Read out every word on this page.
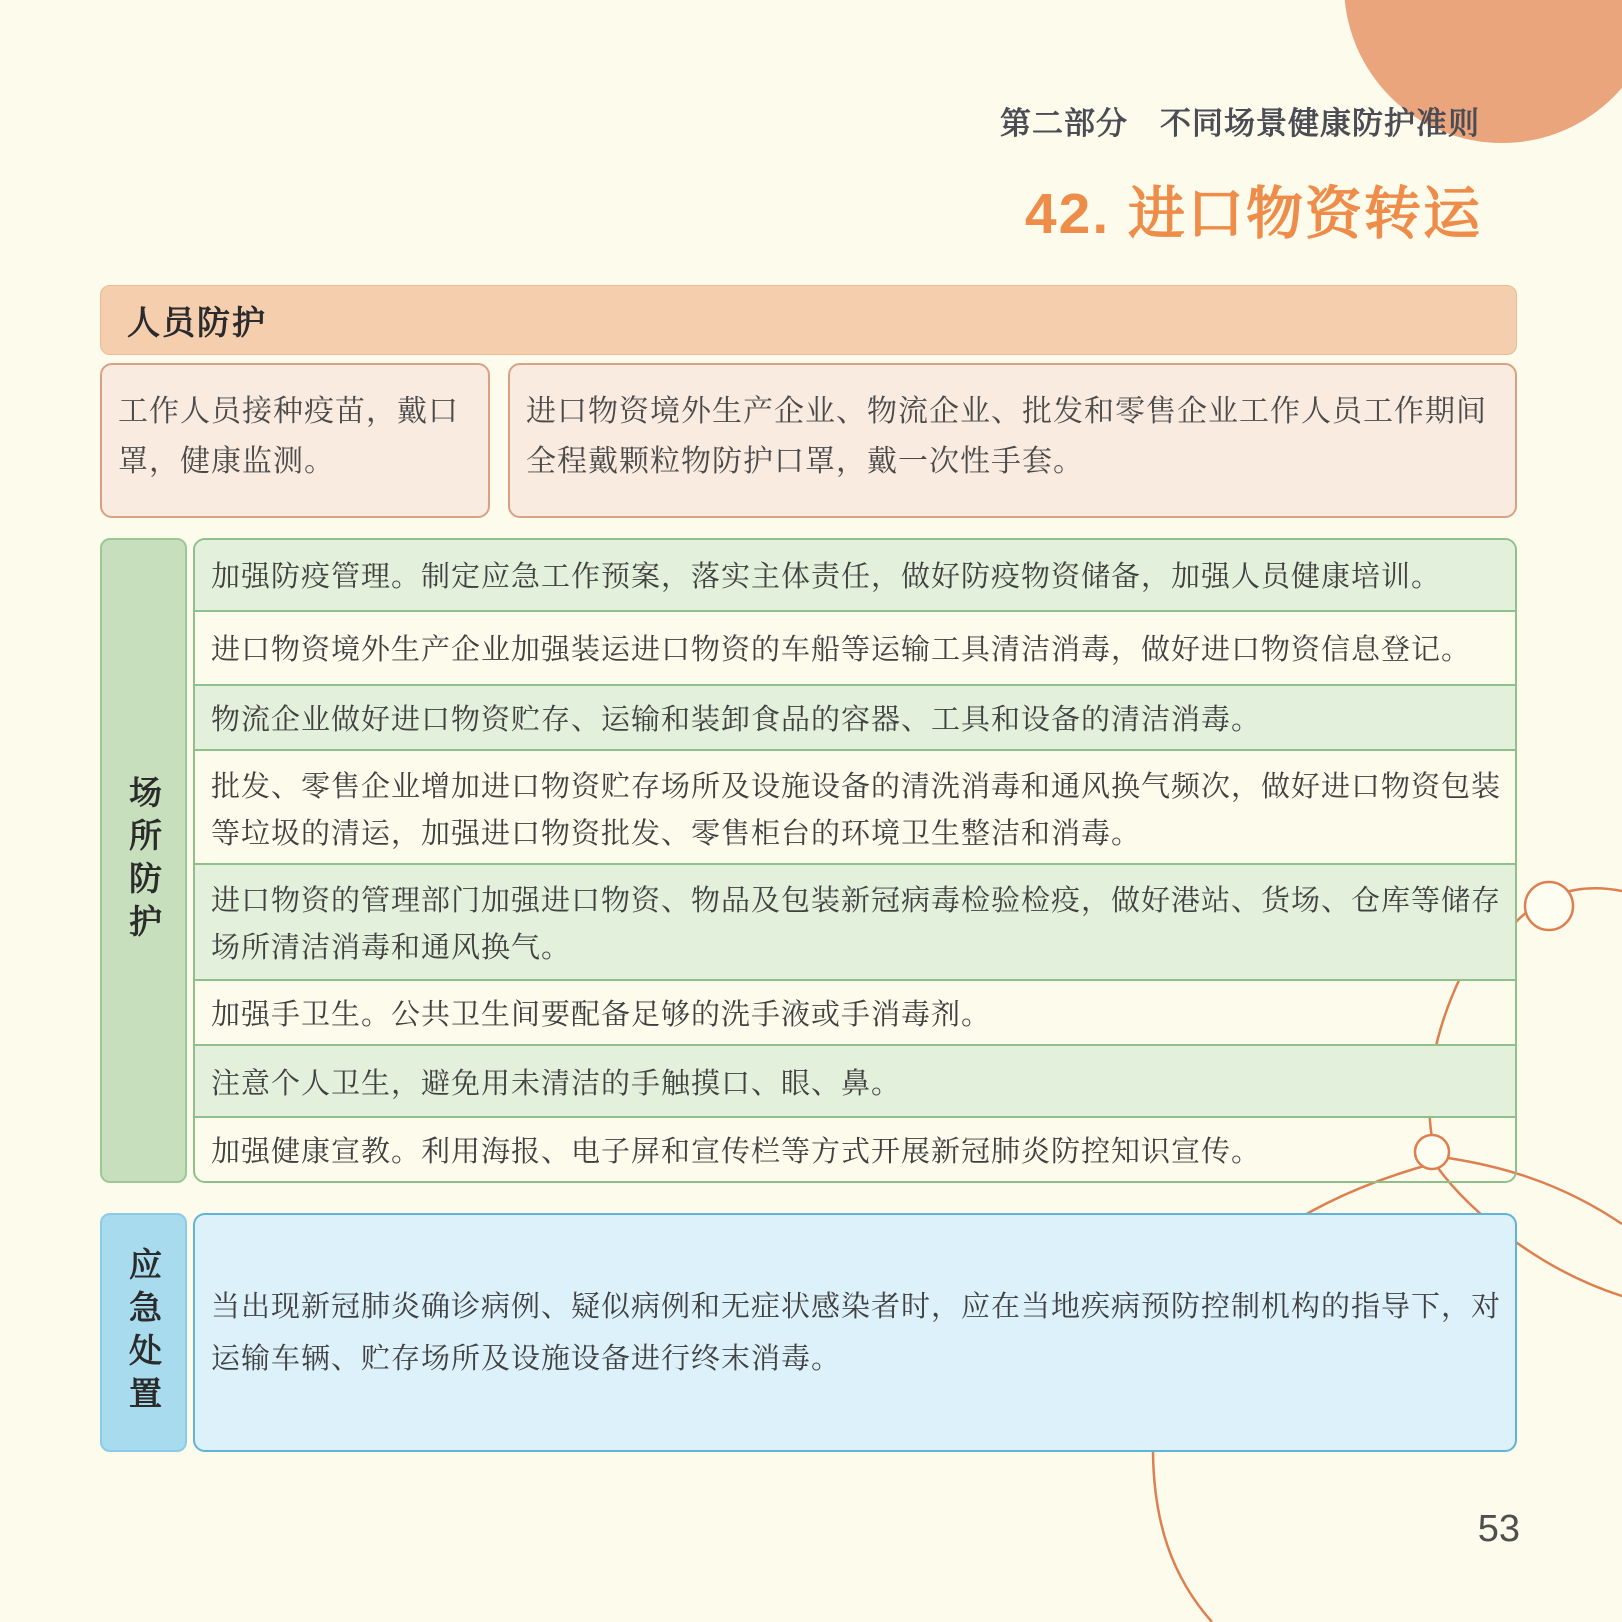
第二部分　不同场景健康防护准则
42. 进口物资转运
人员防护
工作人员接种疫苗，戴口罩，健康监测。
进口物资境外生产企业、物流企业、批发和零售企业工作人员工作期间全程戴颗粒物防护口罩，戴一次性手套。
场所防护
加强防疫管理。制定应急工作预案，落实主体责任，做好防疫物资储备，加强人员健康培训。
进口物资境外生产企业加强装运进口物资的车船等运输工具清洁消毒，做好进口物资信息登记。
物流企业做好进口物资贮存、运输和装卸食品的容器、工具和设备的清洁消毒。
批发、零售企业增加进口物资贮存场所及设施设备的清洗消毒和通风换气频次，做好进口物资包装等垃圾的清运，加强进口物资批发、零售柜台的环境卫生整洁和消毒。
进口物资的管理部门加强进口物资、物品及包装新冠病毒检验检疫，做好港站、货场、仓库等储存场所清洁消毒和通风换气。
加强手卫生。公共卫生间要配备足够的洗手液或手消毒剂。
注意个人卫生，避免用未清洁的手触摸口、眼、鼻。
加强健康宣教。利用海报、电子屏和宣传栏等方式开展新冠肺炎防控知识宣传。
应急处置 当出现新冠肺炎确诊病例、疑似病例和无症状感染者时，应在当地疾病预防控制机构的指导下，对运输车辆、贮存场所及设施设备进行终末消毒。
53
